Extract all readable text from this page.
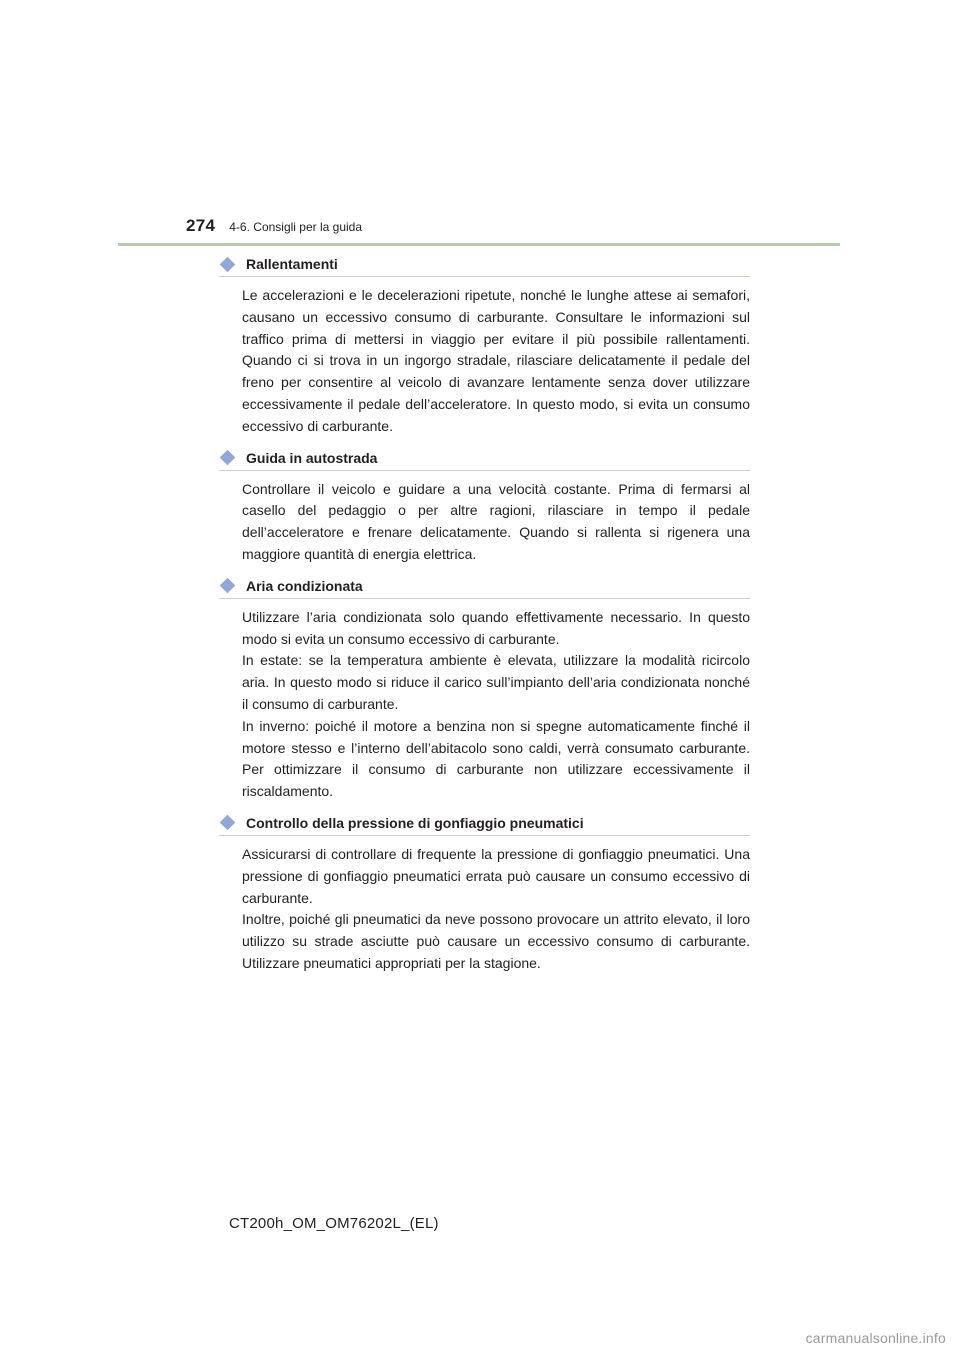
274 4-6. Consigli per la guida
Rallentamenti

Le accelerazioni e le decelerazioni ripetute, nonché le lunghe attese ai semafori, causano un eccessivo consumo di carburante. Consultare le informazioni sul traffico prima di mettersi in viaggio per evitare il più possibile rallentamenti. Quando ci si trova in un ingorgo stradale, rilasciare delicatamente il pedale del freno per consentire al veicolo di avanzare lentamente senza dover utilizzare eccessivamente il pedale dell’acceleratore. In questo modo, si evita un consumo eccessivo di carburante.

Guida in autostrada

Controllare il veicolo e guidare a una velocità costante. Prima di fermarsi al casello del pedaggio o per altre ragioni, rilasciare in tempo il pedale dell’acceleratore e frenare delicatamente. Quando si rallenta si rigenera una maggiore quantità di energia elettrica.

Aria condizionata

Utilizzare l’aria condizionata solo quando effettivamente necessario. In questo modo si evita un consumo eccessivo di carburante.

In estate: se la temperatura ambiente è elevata, utilizzare la modalità ricircolo aria. In questo modo si riduce il carico sull’impianto dell’aria condizionata nonché il consumo di carburante.

In inverno: poiché il motore a benzina non si spegne automaticamente finché il motore stesso e l’interno dell’abitacolo sono caldi, verrà consumato carburante. Per ottimizzare il consumo di carburante non utilizzare eccessivamente il riscaldamento.

Controllo della pressione di gonfiaggio pneumatici

Assicurarsi di controllare di frequente la pressione di gonfiaggio pneumatici. Una pressione di gonfiaggio pneumatici errata può causare un consumo eccessivo di carburante.

Inoltre, poiché gli pneumatici da neve possono provocare un attrito elevato, il loro utilizzo su strade asciutte può causare un eccessivo consumo di carburante. Utilizzare pneumatici appropriati per la stagione.

CT200h_OM_OM76202L_(EL)
carmanualsonline.info
